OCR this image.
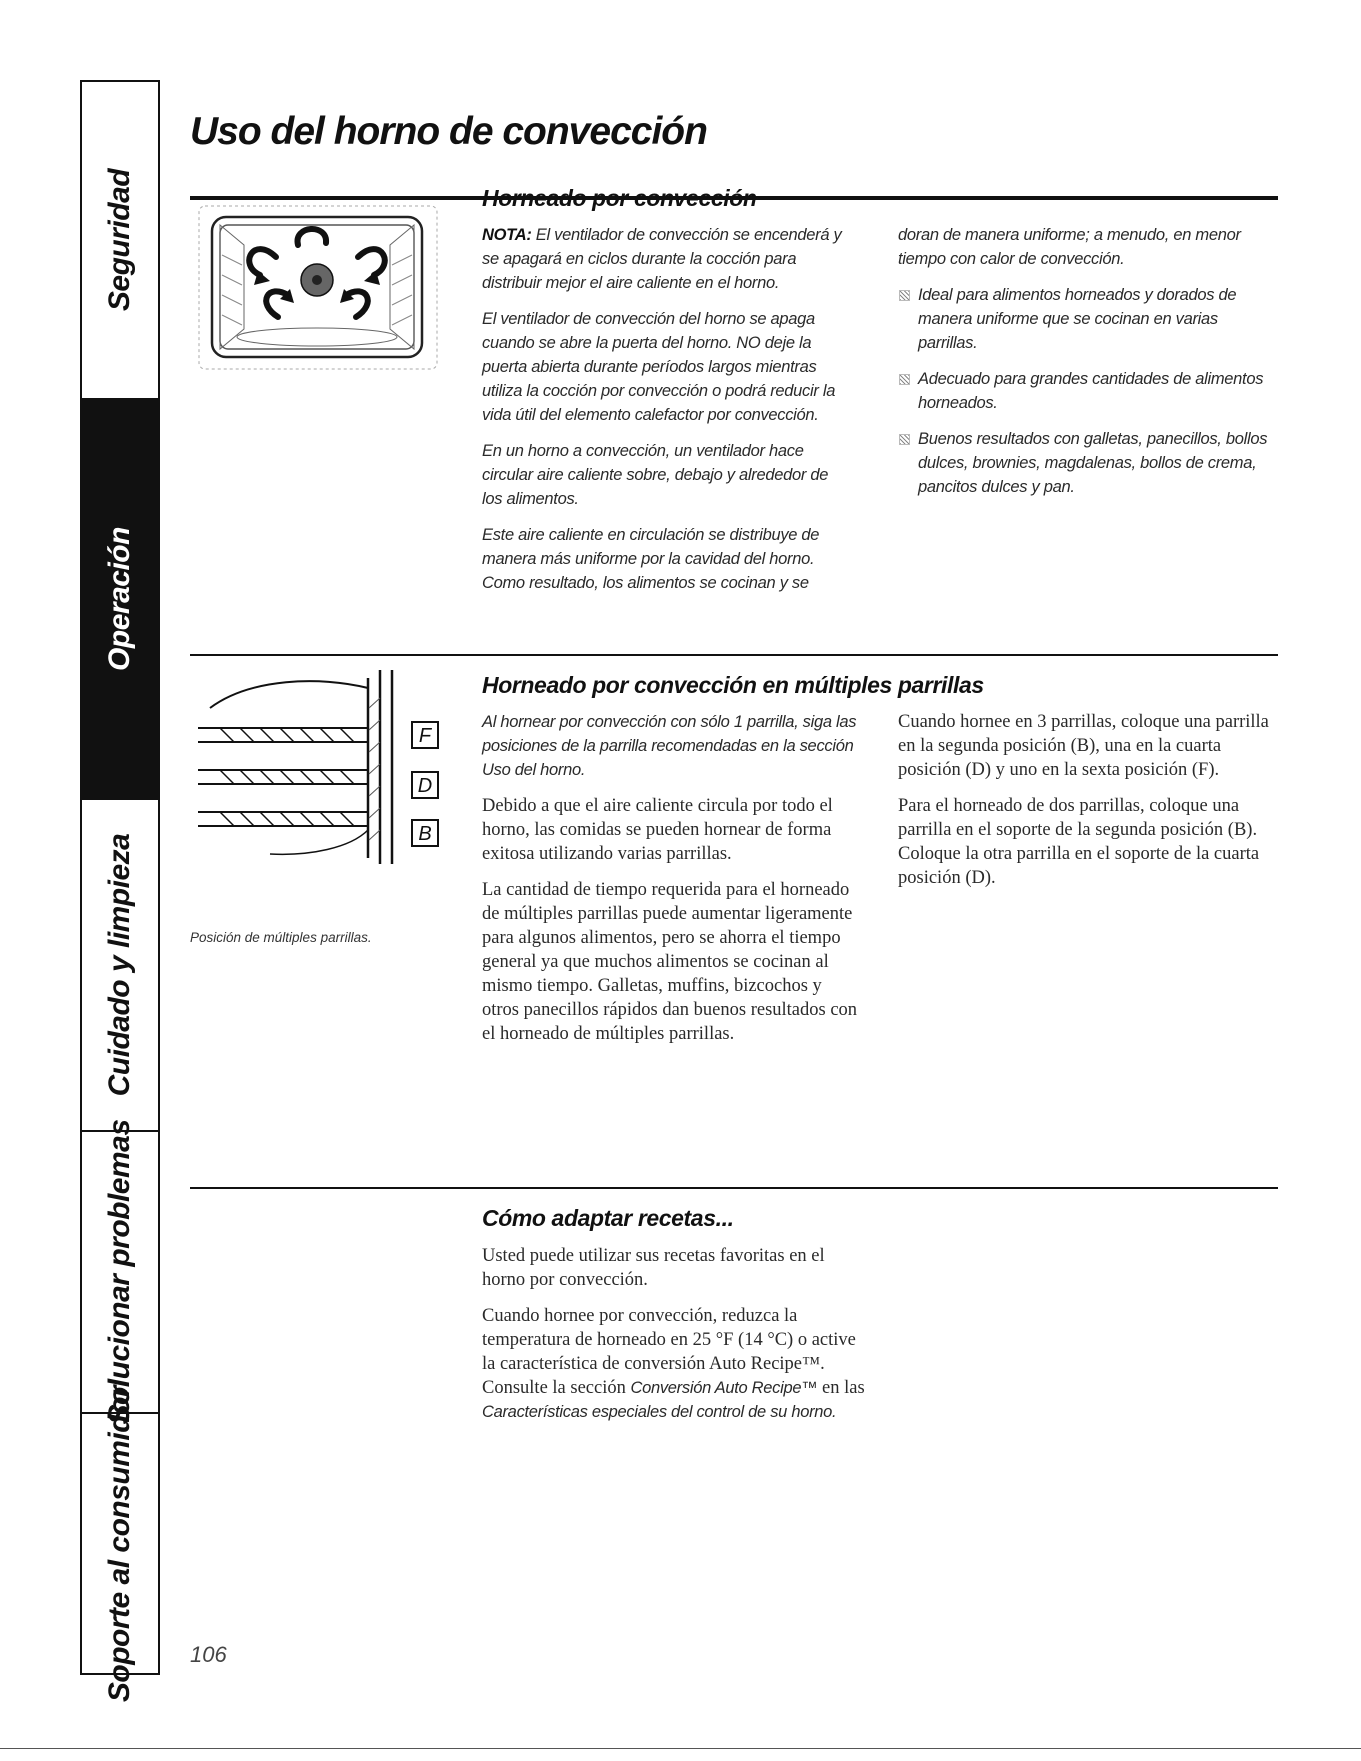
Seguridad
Operación
Cuidado y limpieza
Solucionar problemas
Soporte al consumidor
Uso del horno de convección
Horneado por convección

NOTA: El ventilador de convección se encenderá y se apagará en ciclos durante la cocción para distribuir mejor el aire caliente en el horno.

El ventilador de convección del horno se apaga cuando se abre la puerta del horno. NO deje la puerta abierta durante períodos largos mientras utiliza la cocción por convección o podrá reducir la vida útil del elemento calefactor por convección.

En un horno a convección, un ventilador hace circular aire caliente sobre, debajo y alrededor de los alimentos.

Este aire caliente en circulación se distribuye de manera más uniforme por la cavidad del horno. Como resultado, los alimentos se cocinan y se

doran de manera uniforme; a menudo, en menor tiempo con calor de convección.

Ideal para alimentos horneados y dorados de manera uniforme que se cocinan en varias parrillas.

Adecuado para grandes cantidades de alimentos horneados.

Buenos resultados con galletas, panecillos, bollos dulces, brownies, magdalenas, bollos de crema, pancitos dulces y pan.

F
D
B
Posición de múltiples parrillas.
Horneado por convección en múltiples parrillas

Al hornear por convección con sólo 1 parrilla, siga las posiciones de la parrilla recomendadas en la sección Uso del horno.

Debido a que el aire caliente circula por todo el horno, las comidas se pueden hornear de forma exitosa utilizando varias parrillas.

La cantidad de tiempo requerida para el horneado de múltiples parrillas puede aumentar ligeramente para algunos alimentos, pero se ahorra el tiempo general ya que muchos alimentos se cocinan al mismo tiempo. Galletas, muffins, bizcochos y otros panecillos rápidos dan buenos resultados con el horneado de múltiples parrillas.

Cuando hornee en 3 parrillas, coloque una parrilla en la segunda posición (B), una en la cuarta posición (D) y uno en la sexta posición (F).

Para el horneado de dos parrillas, coloque una parrilla en el soporte de la segunda posición (B). Coloque la otra parrilla en el soporte de la cuarta posición (D).

Cómo adaptar recetas...

Usted puede utilizar sus recetas favoritas en el horno por convección.

Cuando hornee por convección, reduzca la temperatura de horneado en 25 °F (14 °C) o active la característica de conversión Auto Recipe™. Consulte la sección Conversión Auto Recipe™ en las Características especiales del control de su horno.

106
